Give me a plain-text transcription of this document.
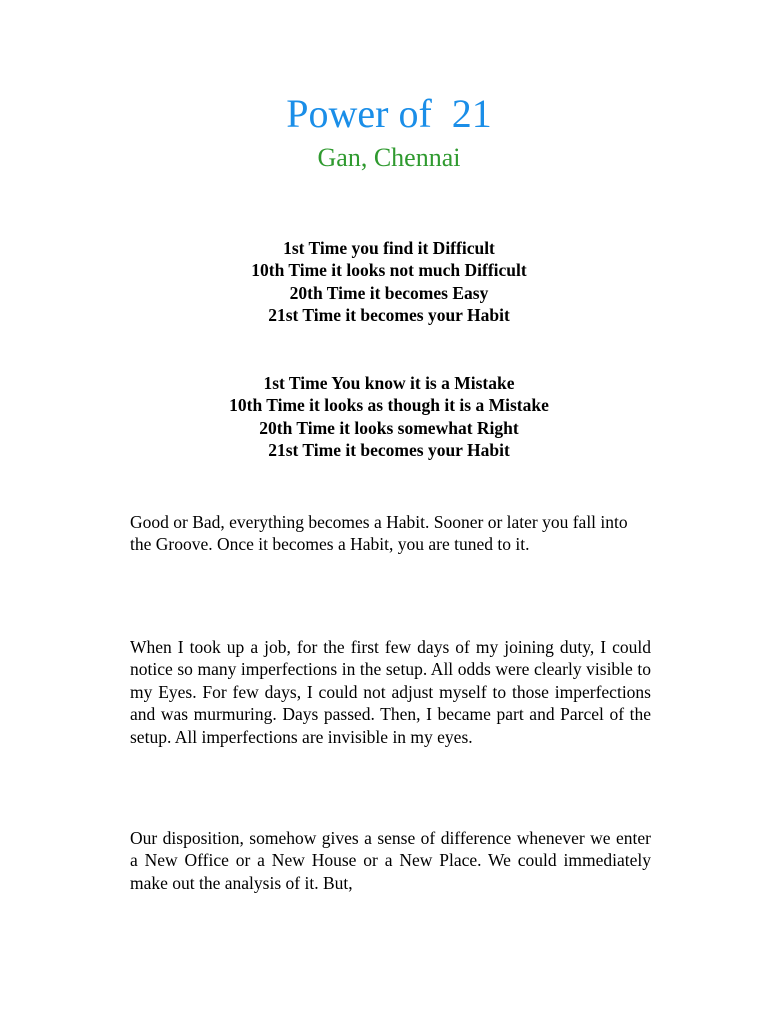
Power of  21
Gan, Chennai
1st Time you find it Difficult
10th Time it looks not much Difficult
20th Time it becomes Easy
21st Time it becomes your Habit
1st Time You know it is a Mistake
10th Time it looks as though it is a Mistake
20th Time it looks somewhat Right
21st Time it becomes your Habit

Good or Bad, everything becomes a Habit. Sooner or later you fall into the Groove. Once it becomes a Habit, you are tuned to it.

When I took up a job, for the first few days of my joining duty, I could notice so many imperfections in the setup. All odds were clearly visible to my Eyes. For few days, I could not adjust myself to those imperfections and was murmuring. Days passed. Then, I became part and Parcel of the setup. All imperfections are invisible in my eyes.

Our disposition, somehow gives a sense of difference whenever we enter a New Office or a New House or a New Place. We could immediately make out the analysis of it. But,
